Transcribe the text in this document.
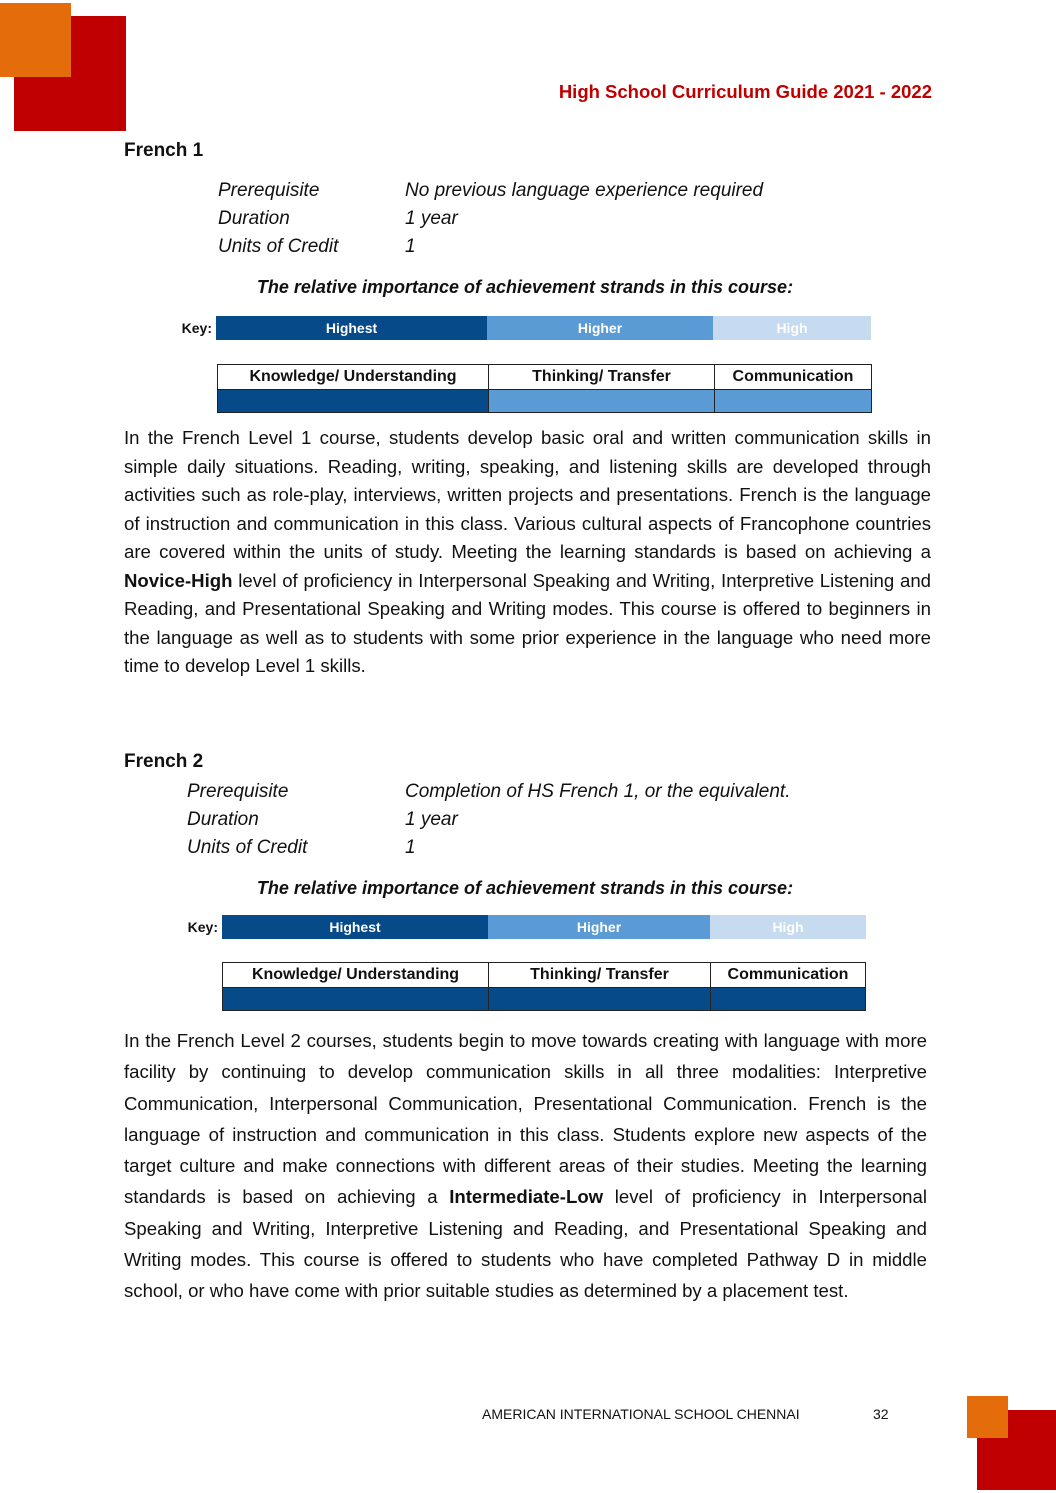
High School Curriculum Guide 2021 - 2022
French 1
Prerequisite	No previous language experience required
Duration	1 year
Units of Credit	1
The relative importance of achievement strands in this course:
Key:	Highest	Higher	High
Knowledge/ Understanding	Thinking/ Transfer	Communication

In the French Level 1 course, students develop basic oral and written communication skills in simple daily situations. Reading, writing, speaking, and listening skills are developed through activities such as role-play, interviews, written projects and presentations. French is the language of instruction and communication in this class. Various cultural aspects of Francophone countries are covered within the units of study. Meeting the learning standards is based on achieving a Novice-High level of proficiency in Interpersonal Speaking and Writing, Interpretive Listening and Reading, and Presentational Speaking and Writing modes. This course is offered to beginners in the language as well as to students with some prior experience in the language who need more time to develop Level 1 skills.

French 2
Prerequisite	Completion of HS French 1, or the equivalent.
Duration	1 year
Units of Credit	1
The relative importance of achievement strands in this course:
Key:	Highest	Higher	High
Knowledge/ Understanding	Thinking/ Transfer	Communication

In the French Level 2 courses, students begin to move towards creating with language with more facility by continuing to develop communication skills in all three modalities: Interpretive Communication, Interpersonal Communication, Presentational Communication. French is the language of instruction and communication in this class. Students explore new aspects of the target culture and make connections with different areas of their studies. Meeting the learning standards is based on achieving a Intermediate-Low level of proficiency in Interpersonal Speaking and Writing, Interpretive Listening and Reading, and Presentational Speaking and Writing modes. This course is offered to students who have completed Pathway D in middle school, or who have come with prior suitable studies as determined by a placement test.

AMERICAN INTERNATIONAL SCHOOL CHENNAI	32
